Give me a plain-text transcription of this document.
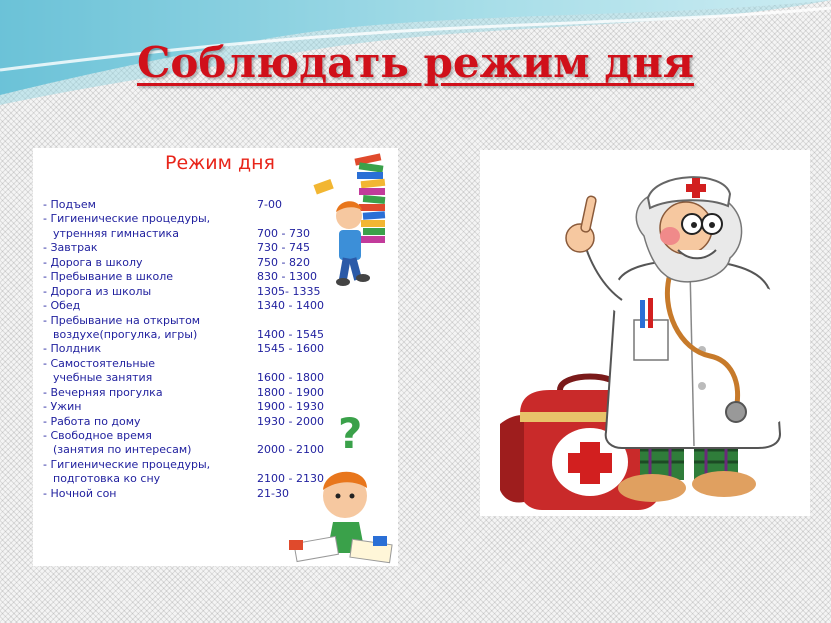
Соблюдать режим дня
Режим дня
- Подъем	7-00
- Гигиенические процедуры,
утренняя гимнастика	700 - 730
- Завтрак	730 - 745
- Дорога в школу	750 - 820
- Пребывание в школе	830 - 1300
- Дорога из школы	1305- 1335
- Обед	1340 - 1400
- Пребывание на открытом
воздухе(прогулка, игры)	1400 - 1545
- Полдник	1545 - 1600
- Самостоятельные
учебные занятия	1600 - 1800
- Вечерняя прогулка	1800 - 1900
- Ужин	1900 - 1930
- Работа по дому	1930 - 2000
- Свободное время
(занятия по интересам)	2000 - 2100
- Гигиенические процедуры,
подготовка ко сну	2100 - 2130
- Ночной сон	21-30
?
